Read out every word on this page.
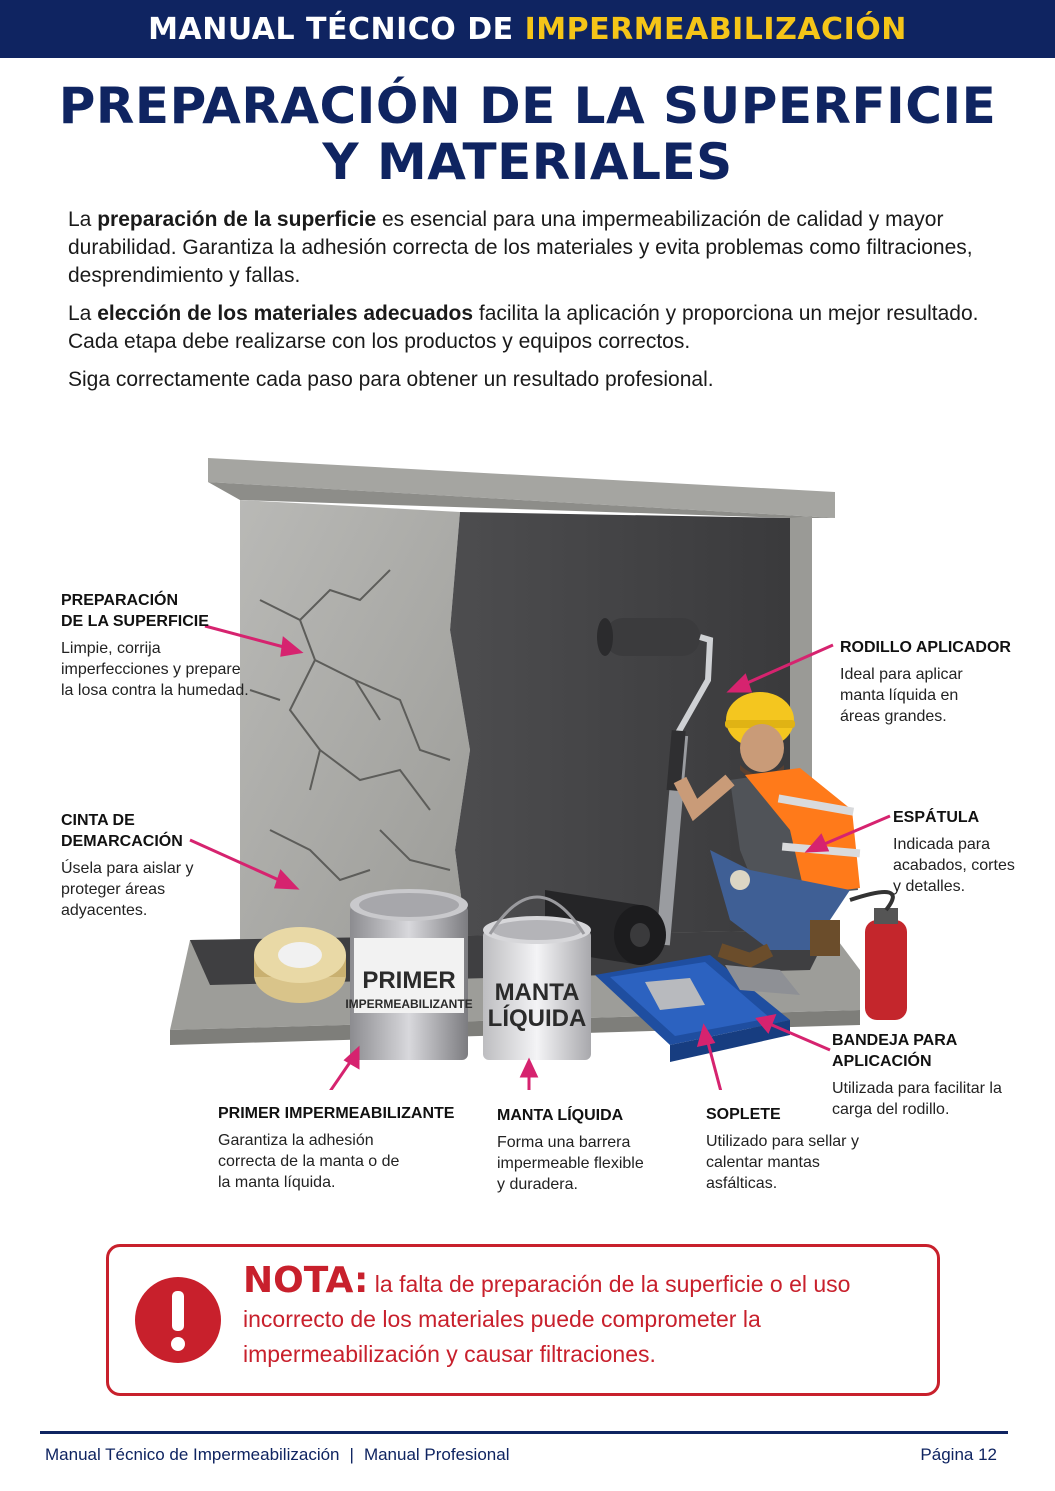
MANUAL TÉCNICO DE IMPERMEABILIZACIÓN
PREPARACIÓN DE LA SUPERFICIE
Y MATERIALES

La preparación de la superficie es esencial para una impermeabilización de calidad y mayor durabilidad. Garantiza la adhesión correcta de los materiales y evita problemas como filtraciones, desprendimiento y fallas.

La elección de los materiales adecuados facilita la aplicación y proporciona un mejor resultado. Cada etapa debe realizarse con los productos y equipos correctos.

Siga correctamente cada paso para obtener un resultado profesional.

PRIMER
IMPERMEABILIZANTE MANTA
LÍQUIDA
PREPARACIÓN
DE LA SUPERFICIE
Limpie, corrija
imperfecciones y prepare
la losa contra la humedad.
CINTA DE
DEMARCACIÓN
Úsela para aislar y
proteger áreas
adyacentes.
RODILLO APLICADOR
Ideal para aplicar
manta líquida en
áreas grandes.
ESPÁTULA
Indicada para
acabados, cortes
y detalles.
BANDEJA PARA
APLICACIÓN
Utilizada para facilitar la
carga del rodillo.
PRIMER IMPERMEABILIZANTE
Garantiza la adhesión
correcta de la manta o de
la manta líquida.
MANTA LÍQUIDA
Forma una barrera
impermeable flexible
y duradera.
SOPLETE
Utilizado para sellar y
calentar mantas
asfálticas.
NOTA: la falta de preparación de la superficie o el uso incorrecto de los materiales puede comprometer la impermeabilización y causar filtraciones.
Manual Técnico de Impermeabilización | Manual Profesional	Página 12
